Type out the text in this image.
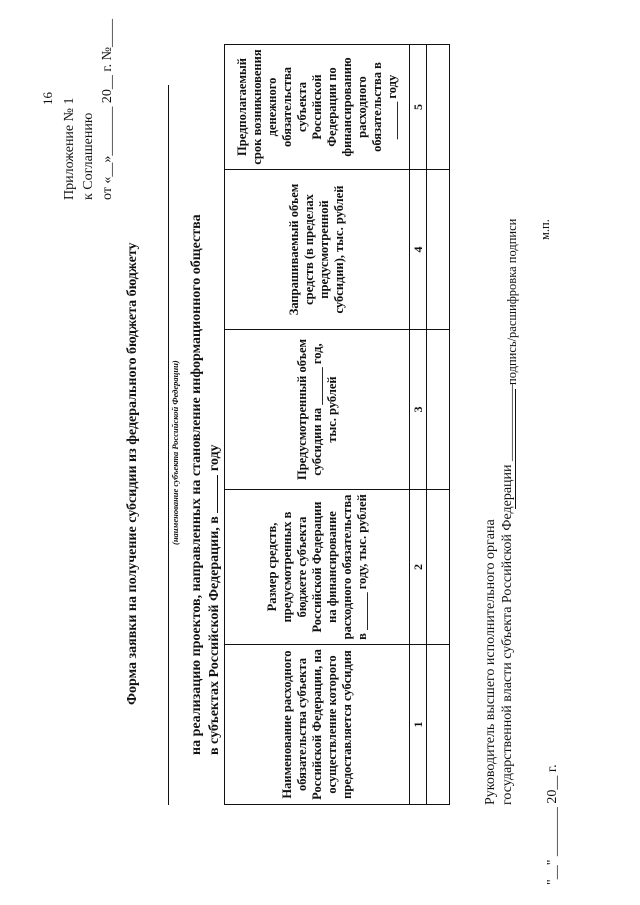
16 Приложение № 1 к Соглашению от «__»_______ 20__ г. №____
Форма заявки на получение субсидии из федерального бюджета бюджету	(наименование субъекта Российской Федерации) на реализацию проектов, направленных на становление информационного общества в субъектах Российской Федерации, в  году
Наименование расходного обязательства субъекта Российской Федерации, на осуществление которого предоставляется субсидия	Размер средств, предусмотренных в бюджете субъекта Российской Федерации на финансирование расходного обязательства в ______ году, тыс. рублей	Предусмотренный объем субсидии на ______ год, тыс. рублей	Запрашиваемый объем средств (в пределах предусмотренной субсидии), тыс. рублей	Предполагаемый срок возникновения денежного обязательства субъекта Российской Федерации по финансированию расходного обязательства в ______ году
1	2	3	4	5

Руководитель высшего исполнительного органа государственной власти субъекта Российской Федерации ___________
подпись/расшифровка подписи м.п.
"__" _______ 20__ г.
